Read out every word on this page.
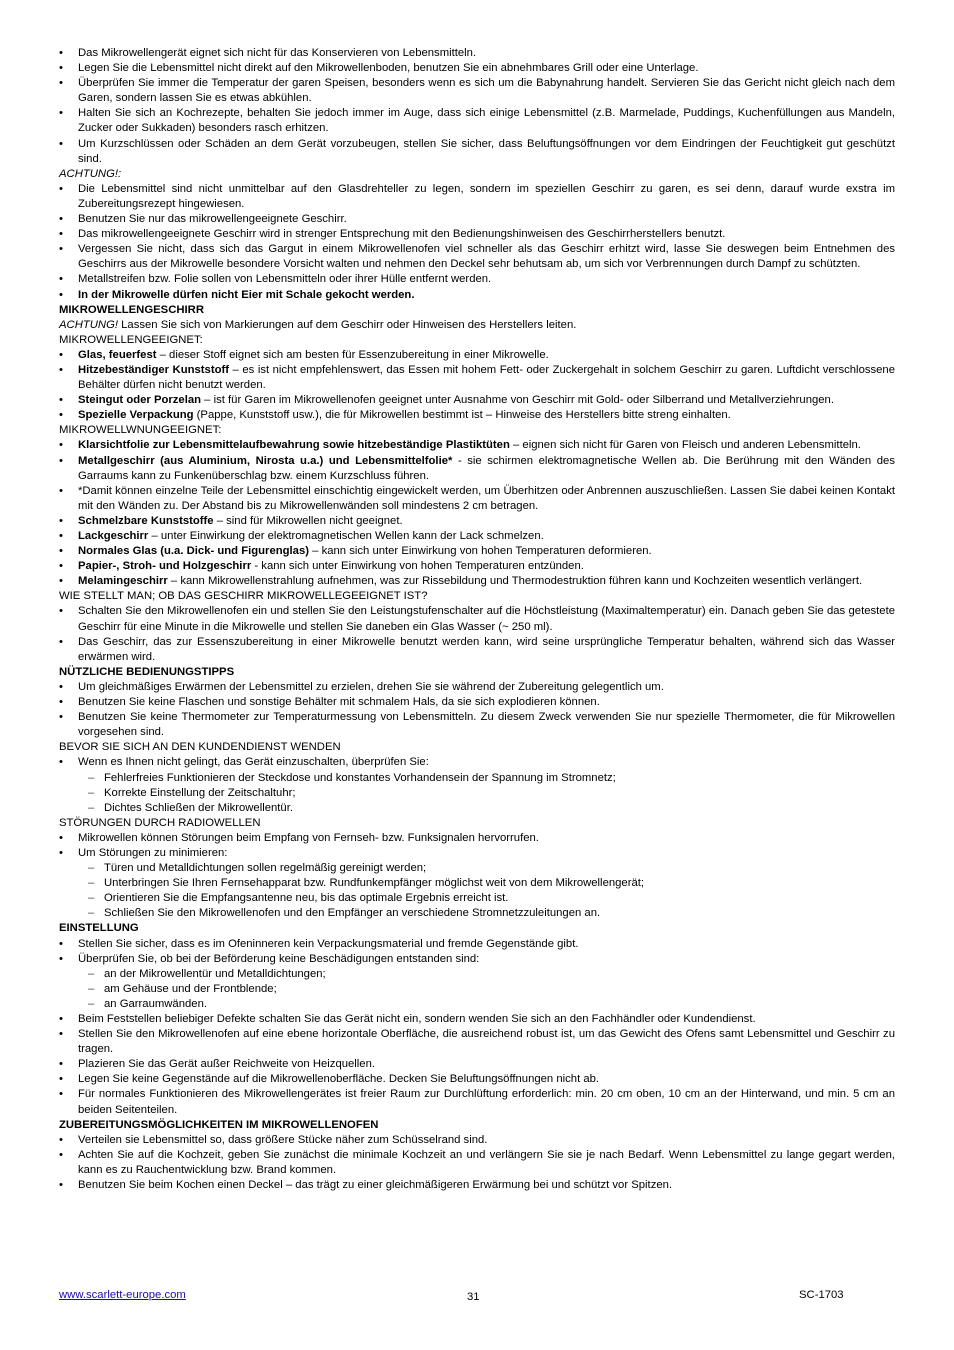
• Das Mikrowellengerät eignet sich nicht für das Konservieren von Lebensmitteln.
• Legen Sie die Lebensmittel nicht direkt auf den Mikrowellenboden, benutzen Sie ein abnehmbares Grill oder eine Unterlage.
• Überprüfen Sie immer die Temperatur der garen Speisen, besonders wenn es sich um die Babynahrung handelt. Servieren Sie das Gericht nicht gleich nach dem Garen, sondern lassen Sie es etwas abkühlen.
• Halten Sie sich an Kochrezepte, behalten Sie jedoch immer im Auge, dass sich einige Lebensmittel (z.B. Marmelade, Puddings, Kuchenfüllungen aus Mandeln, Zucker oder Sukkaden) besonders rasch erhitzen.
• Um Kurzschlüssen oder Schäden an dem Gerät vorzubeugen, stellen Sie sicher, dass Beluftungsöffnungen vor dem Eindringen der Feuchtigkeit gut geschützt sind.
ACHTUNG!:
• Die Lebensmittel sind nicht unmittelbar auf den Glasdrehteller zu legen, sondern im speziellen Geschirr zu garen, es sei denn, darauf wurde exstra im Zubereitungsrezept hingewiesen.
• Benutzen Sie nur das mikrowellengeeignete Geschirr.
• Das mikrowellengeeignete Geschirr wird in strenger Entsprechung mit den Bedienungshinweisen des Geschirrherstellers benutzt.
• Vergessen Sie nicht, dass sich das Gargut in einem Mikrowellenofen viel schneller als das Geschirr erhitzt wird, lasse Sie deswegen beim Entnehmen des Geschirrs aus der Mikrowelle besondere Vorsicht walten und nehmen den Deckel sehr behutsam ab, um sich vor Verbrennungen durch Dampf zu schützten.
• Metallstreifen bzw. Folie sollen von Lebensmitteln oder ihrer Hülle entfernt werden.
• In der Mikrowelle dürfen nicht Eier mit Schale gekocht werden.
MIKROWELLENGESCHIRR
ACHTUNG! Lassen Sie sich von Markierungen auf dem Geschirr oder Hinweisen des Herstellers leiten.
MIKROWELLENGEEIGNET:
• Glas, feuerfest – dieser Stoff eignet sich am besten für Essenzubereitung in einer Mikrowelle.
• Hitzebeständiger Kunststoff – es ist nicht empfehlenswert, das Essen mit hohem Fett- oder Zuckergehalt in solchem Geschirr zu garen. Luftdicht verschlossene Behälter dürfen nicht benutzt werden.
• Steingut oder Porzelan – ist für Garen im Mikrowellenofen geeignet unter Ausnahme von Geschirr mit Gold- oder Silberrand und Metallverziehrungen.
• Spezielle Verpackung (Pappe, Kunststoff usw.), die für Mikrowellen bestimmt ist – Hinweise des Herstellers bitte streng einhalten.
MIKROWELLWNUNGEEIGNET:
• Klarsichtfolie zur Lebensmittelaufbewahrung sowie hitzebeständige Plastiktüten – eignen sich nicht für Garen von Fleisch und anderen Lebensmitteln.
• Metallgeschirr (aus Aluminium, Nirosta u.a.) und Lebensmittelfolie* - sie schirmen elektromagnetische Wellen ab. Die Berührung mit den Wänden des Garraums kann zu Funkenüberschlag bzw. einem Kurzschluss führen.
• *Damit können einzelne Teile der Lebensmittel einschichtig eingewickelt werden, um Überhitzen oder Anbrennen auszuschließen. Lassen Sie dabei keinen Kontakt mit den Wänden zu. Der Abstand bis zu Mikrowellenwänden soll mindestens 2 cm betragen.
• Schmelzbare Kunststoffe – sind für Mikrowellen nicht geeignet.
• Lackgeschirr – unter Einwirkung der elektromagnetischen Wellen kann der Lack schmelzen.
• Normales Glas (u.a. Dick- und Figurenglas) – kann sich unter Einwirkung von hohen Temperaturen deformieren.
• Papier-, Stroh- und Holzgeschirr - kann sich unter Einwirkung von hohen Temperaturen entzünden.
• Melamingeschirr – kann Mikrowellenstrahlung aufnehmen, was zur Rissebildung und Thermodestruktion führen kann und Kochzeiten wesentlich verlängert.
WIE STELLT MAN; OB DAS GESCHIRR MIKROWELLEGEEIGNET IST?
• Schalten Sie den Mikrowellenofen ein und stellen Sie den Leistungstufenschalter auf die Höchstleistung (Maximaltemperatur) ein. Danach geben Sie das getestete Geschirr für eine Minute in die Mikrowelle und stellen Sie daneben ein Glas Wasser (~ 250 ml).
• Das Geschirr, das zur Essenszubereitung in einer Mikrowelle benutzt werden kann, wird seine ursprüngliche Temperatur behalten, während sich das Wasser erwärmen wird.
NÜTZLICHE BEDIENUNGSTIPPS
• Um gleichmäßiges Erwärmen der Lebensmittel zu erzielen, drehen Sie sie während der Zubereitung gelegentlich um.
• Benutzen Sie keine Flaschen und sonstige Behälter mit schmalem Hals, da sie sich explodieren können.
• Benutzen Sie keine Thermometer zur Temperaturmessung von Lebensmitteln. Zu diesem Zweck verwenden Sie nur spezielle Thermometer, die für Mikrowellen vorgesehen sind.
BEVOR SIE SICH AN DEN KUNDENDIENST WENDEN
• Wenn es Ihnen nicht gelingt, das Gerät einzuschalten, überprüfen Sie:
– Fehlerfreies Funktionieren der Steckdose und konstantes Vorhandensein der Spannung im Stromnetz;
– Korrekte Einstellung der Zeitschaltuhr;
– Dichtes Schließen der Mikrowellentür.
STÖRUNGEN DURCH RADIOWELLEN
• Mikrowellen können Störungen beim Empfang von Fernseh- bzw. Funksignalen hervorrufen.
• Um Störungen zu minimieren:
– Türen und Metalldichtungen sollen regelmäßig gereinigt werden;
– Unterbringen Sie Ihren Fernsehapparat bzw. Rundfunkempfänger möglichst weit von dem Mikrowellengerät;
– Orientieren Sie die Empfangsantenne neu, bis das optimale Ergebnis erreicht ist.
– Schließen Sie den Mikrowellenofen und den Empfänger an verschiedene Stromnetzzuleitungen an.
EINSTELLUNG
• Stellen Sie sicher, dass es im Ofeninneren kein Verpackungsmaterial und fremde Gegenstände gibt.
• Überprüfen Sie, ob bei der Beförderung keine Beschädigungen entstanden sind:
– an der Mikrowellentür und Metalldichtungen;
– am Gehäuse und der Frontblende;
– an Garraumwänden.
• Beim Feststellen beliebiger Defekte schalten Sie das Gerät nicht ein, sondern wenden Sie sich an den Fachhändler oder Kundendienst.
• Stellen Sie den Mikrowellenofen auf eine ebene horizontale Oberfläche, die ausreichend robust ist, um das Gewicht des Ofens samt Lebensmittel und Geschirr zu tragen.
• Plazieren Sie das Gerät außer Reichweite von Heizquellen.
• Legen Sie keine Gegenstände auf die Mikrowellenoberfläche. Decken Sie Beluftungsöffnungen nicht ab.
• Für normales Funktionieren des Mikrowellengerätes ist freier Raum zur Durchlüftung erforderlich: min. 20 cm oben, 10 cm an der Hinterwand, und min. 5 cm an beiden Seitenteilen.
ZUBEREITUNGSMÖGLICHKEITEN IM MIKROWELLENOFEN
• Verteilen sie Lebensmittel so, dass größere Stücke näher zum Schüsselrand sind.
• Achten Sie auf die Kochzeit, geben Sie zunächst die minimale Kochzeit an und verlängern Sie sie je nach Bedarf. Wenn Lebensmittel zu lange gegart werden, kann es zu Rauchentwicklung bzw. Brand kommen.
• Benutzen Sie beim Kochen einen Deckel – das trägt zu einer gleichmäßigeren Erwärmung bei und schützt vor Spitzen.
www.scarlett-europe.com	31	SC-1703
